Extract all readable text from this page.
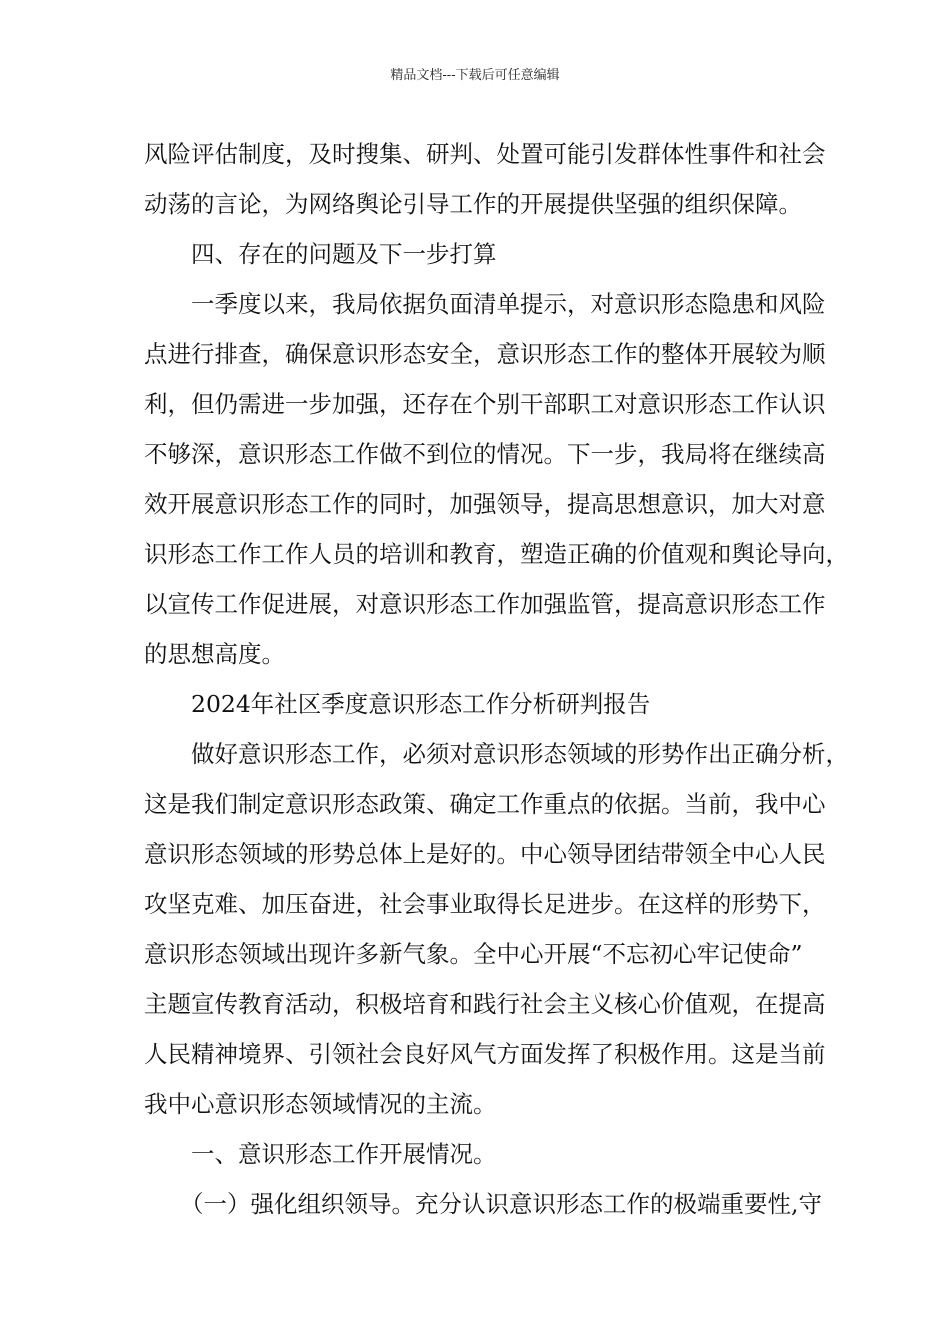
精品文档---下载后可任意编辑
风险评估制度，及时搜集、研判、处置可能引发群体性事件和社会
动荡的言论，为网络舆论引导工作的开展提供坚强的组织保障。
四、存在的问题及下一步打算
一季度以来，我局依据负面清单提示，对意识形态隐患和风险
点进行排查，确保意识形态安全，意识形态工作的整体开展较为顺
利，但仍需进一步加强，还存在个别干部职工对意识形态工作认识
不够深，意识形态工作做不到位的情况。下一步，我局将在继续高
效开展意识形态工作的同时，加强领导，提高思想意识，加大对意
识形态工作工作人员的培训和教育，塑造正确的价值观和舆论导向，
以宣传工作促进展，对意识形态工作加强监管，提高意识形态工作
的思想高度。
2024年社区季度意识形态工作分析研判报告
做好意识形态工作，必须对意识形态领域的形势作出正确分析，
这是我们制定意识形态政策、确定工作重点的依据。当前，我中心
意识形态领域的形势总体上是好的。中心领导团结带领全中心人民
攻坚克难、加压奋进，社会事业取得长足进步。在这样的形势下，
意识形态领域出现许多新气象。全中心开展“不忘初心牢记使命”
主题宣传教育活动，积极培育和践行社会主义核心价值观，在提高
人民精神境界、引领社会良好风气方面发挥了积极作用。这是当前
我中心意识形态领域情况的主流。
一、意识形态工作开展情况。
（一）强化组织领导。充分认识意识形态工作的极端重要性,守
